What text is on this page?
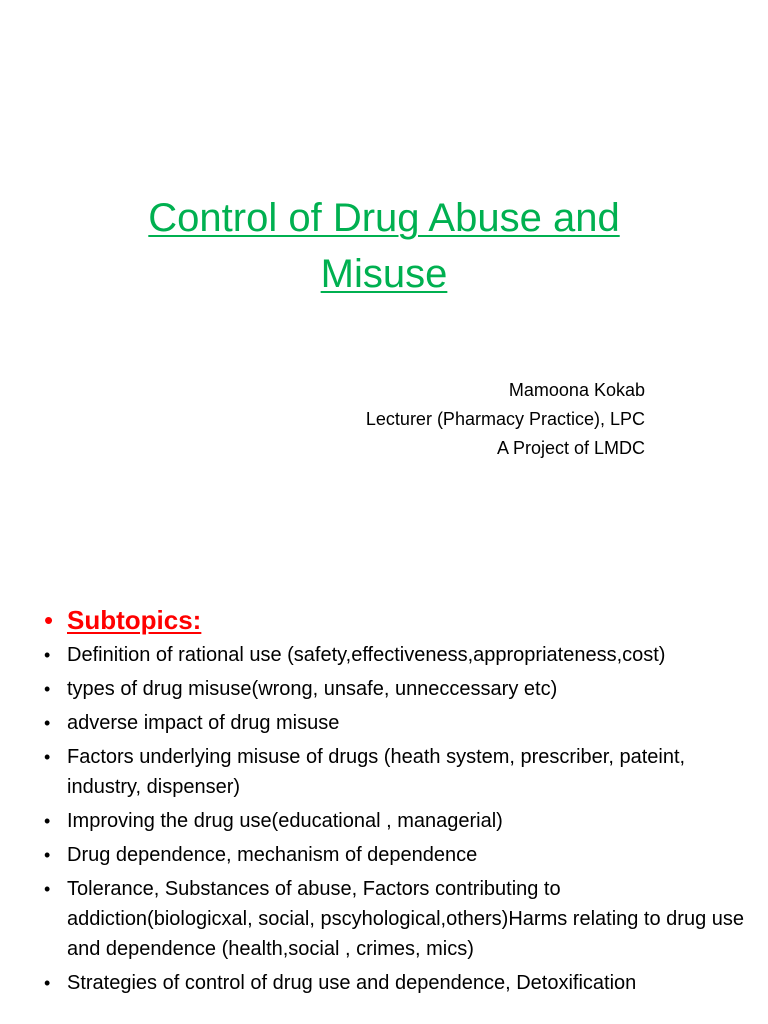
Control of Drug Abuse and
Misuse
Mamoona Kokab
Lecturer (Pharmacy Practice), LPC
A Project of LMDC
• Subtopics:
• Definition of rational use (safety,effectiveness,appropriateness,cost)
• types of drug misuse(wrong, unsafe, unneccessary etc)
• adverse impact of drug misuse
• Factors underlying misuse of drugs (heath system, prescriber, pateint, industry, dispenser)
• Improving the drug use(educational , managerial)
• Drug dependence, mechanism of dependence
• Tolerance, Substances of abuse, Factors contributing to addiction(biologicxal, social, pscyhological,others)Harms relating to drug use and dependence (health,social , crimes, mics)
• Strategies of control of drug use and dependence, Detoxification
